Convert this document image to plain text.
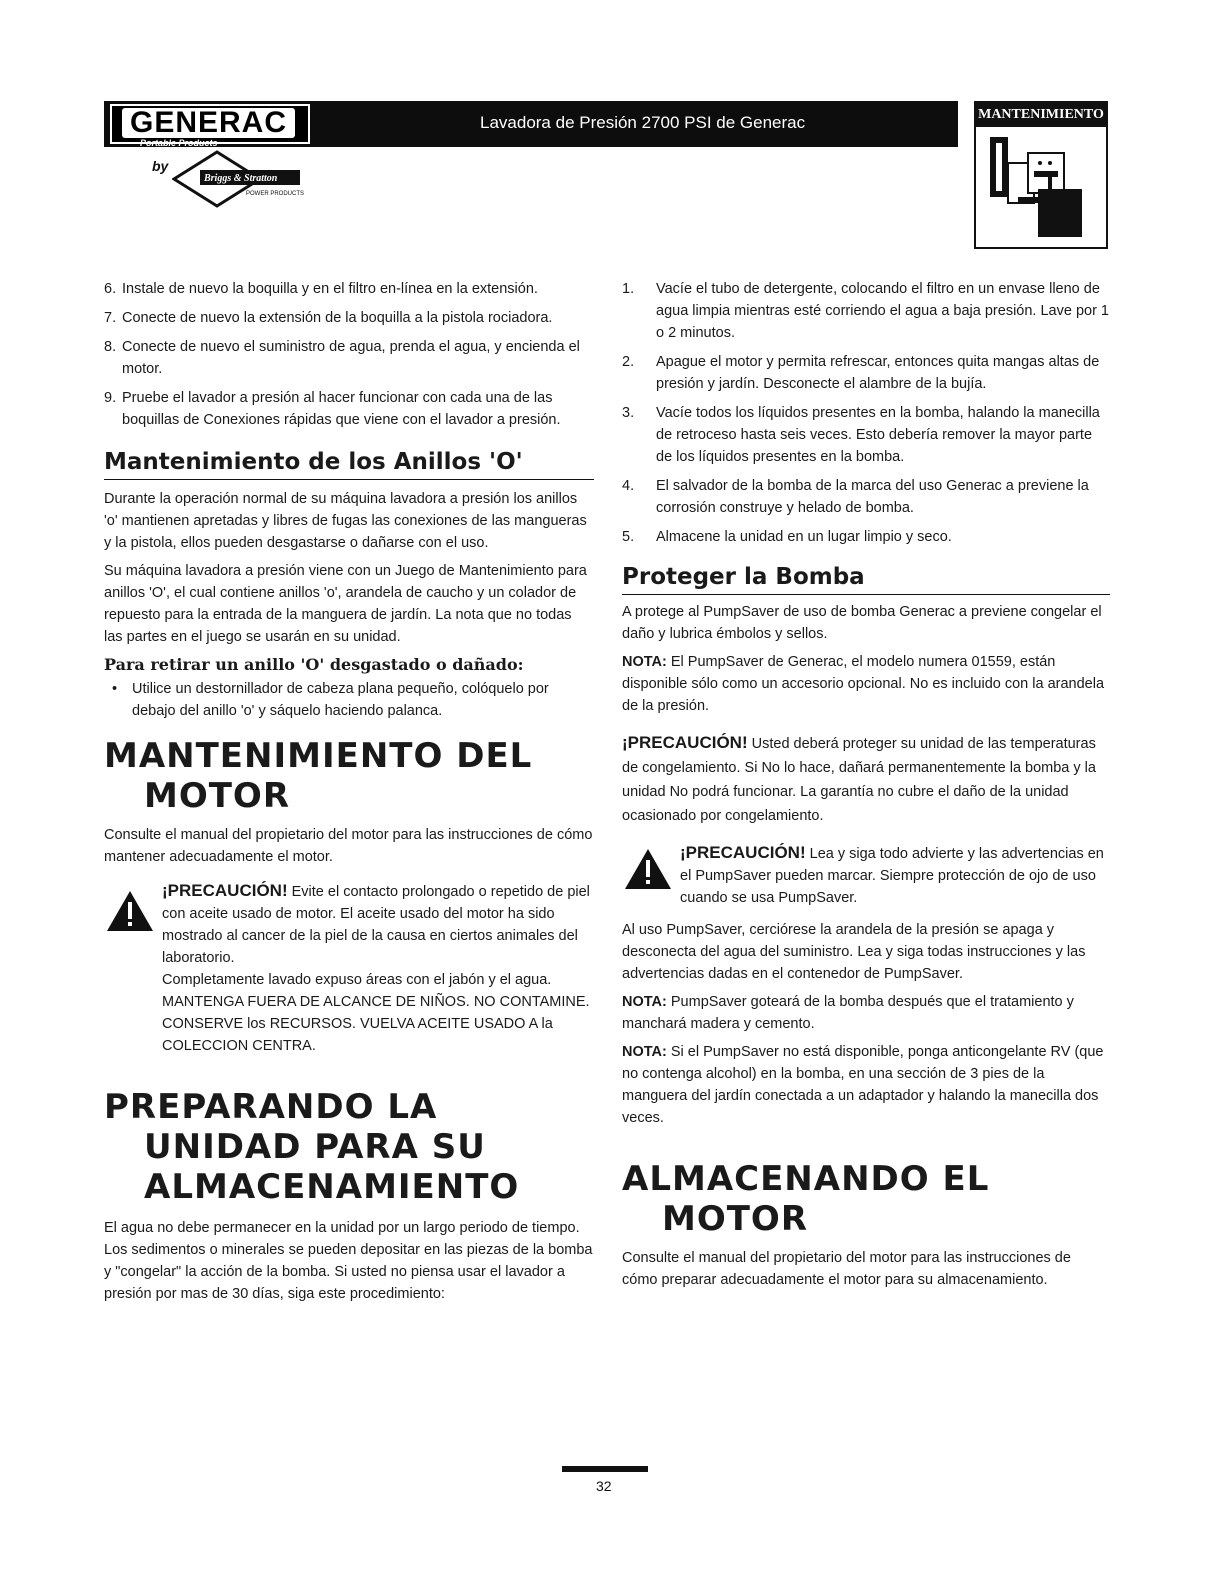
GENERAC
Portable Products
Lavadora de Presión 2700 PSI de Generac
by
Briggs & Stratton
POWER PRODUCTS
MANTENIMIENTO
6. Instale de nuevo la boquilla y en el filtro en-línea en la extensión.
7. Conecte de nuevo la extensión de la boquilla a la pistola rociadora.
8. Conecte de nuevo el suministro de agua, prenda el agua, y encienda el motor.
9. Pruebe el lavador a presión al hacer funcionar con cada una de las boquillas de Conexiones rápidas que viene con el lavador a presión.
Mantenimiento de los Anillos 'O'

Durante la operación normal de su máquina lavadora a presión los anillos 'o' mantienen apretadas y libres de fugas las conexiones de las mangueras y la pistola, ellos pueden desgastarse o dañarse con el uso.

Su máquina lavadora a presión viene con un Juego de Mantenimiento para anillos 'O', el cual contiene anillos 'o', arandela de caucho y un colador de repuesto para la entrada de la manguera de jardín. La nota que no todas las partes en el juego se usarán en su unidad.

Para retirar un anillo 'O' desgastado o dañado:
•	Utilice un destornillador de cabeza plana pequeño, colóquelo por debajo del anillo 'o' y sáquelo haciendo palanca.
MANTENIMIENTO DEL
MOTOR

Consulte el manual del propietario del motor para las instrucciones de cómo mantener adecuadamente el motor.

¡PRECAUCIÓN! Evite el contacto prolongado o repetido de piel con aceite usado de motor. El aceite usado del motor ha sido mostrado al cancer de la piel de la causa en ciertos animales del laboratorio.

Completamente lavado expuso áreas con el jabón y el agua.

MANTENGA FUERA DE ALCANCE DE NIÑOS. NO CONTAMINE. CONSERVE los RECURSOS. VUELVA ACEITE USADO A la COLECCION CENTRA.

PREPARANDO LA
UNIDAD PARA SU
ALMACENAMIENTO

El agua no debe permanecer en la unidad por un largo periodo de tiempo. Los sedimentos o minerales se pueden depositar en las piezas de la bomba y "congelar" la acción de la bomba. Si usted no piensa usar el lavador a presión por mas de 30 días, siga este procedimiento:

1.	Vacíe el tubo de detergente, colocando el filtro en un envase lleno de agua limpia mientras esté corriendo el agua a baja presión. Lave por 1 o 2 minutos.
2.	Apague el motor y permita refrescar, entonces quita mangas altas de presión y jardín. Desconecte el alambre de la bujía.
3.	Vacíe todos los líquidos presentes en la bomba, halando la manecilla de retroceso hasta seis veces. Esto debería remover la mayor parte de los líquidos presentes en la bomba.
4.	El salvador de la bomba de la marca del uso Generac a previene la corrosión construye y helado de bomba.
5.	Almacene la unidad en un lugar limpio y seco.
Proteger la Bomba

A protege al PumpSaver de uso de bomba Generac a previene congelar el daño y lubrica émbolos y sellos.

NOTA: El PumpSaver de Generac, el modelo numera 01559, están disponible sólo como un accesorio opcional. No es incluido con la arandela de la presión.

¡PRECAUCIÓN! Usted deberá proteger su unidad de las temperaturas de congelamiento. Si No lo hace, dañará permanentemente la bomba y la unidad No podrá funcionar. La garantía no cubre el daño de la unidad ocasionado por congelamiento.

¡PRECAUCIÓN! Lea y siga todo advierte y las advertencias en el PumpSaver pueden marcar. Siempre protección de ojo de uso cuando se usa PumpSaver.

Al uso PumpSaver, cerciórese la arandela de la presión se apaga y desconecta del agua del suministro. Lea y siga todas instrucciones y las advertencias dadas en el contenedor de PumpSaver.

NOTA: PumpSaver goteará de la bomba después que el tratamiento y manchará madera y cemento.

NOTA: Si el PumpSaver no está disponible, ponga anticongelante RV (que no contenga alcohol) en la bomba, en una sección de 3 pies de la manguera del jardín conectada a un adaptador y halando la manecilla dos veces.

ALMACENANDO EL
MOTOR

Consulte el manual del propietario del motor para las instrucciones de cómo preparar adecuadamente el motor para su almacenamiento.

32
